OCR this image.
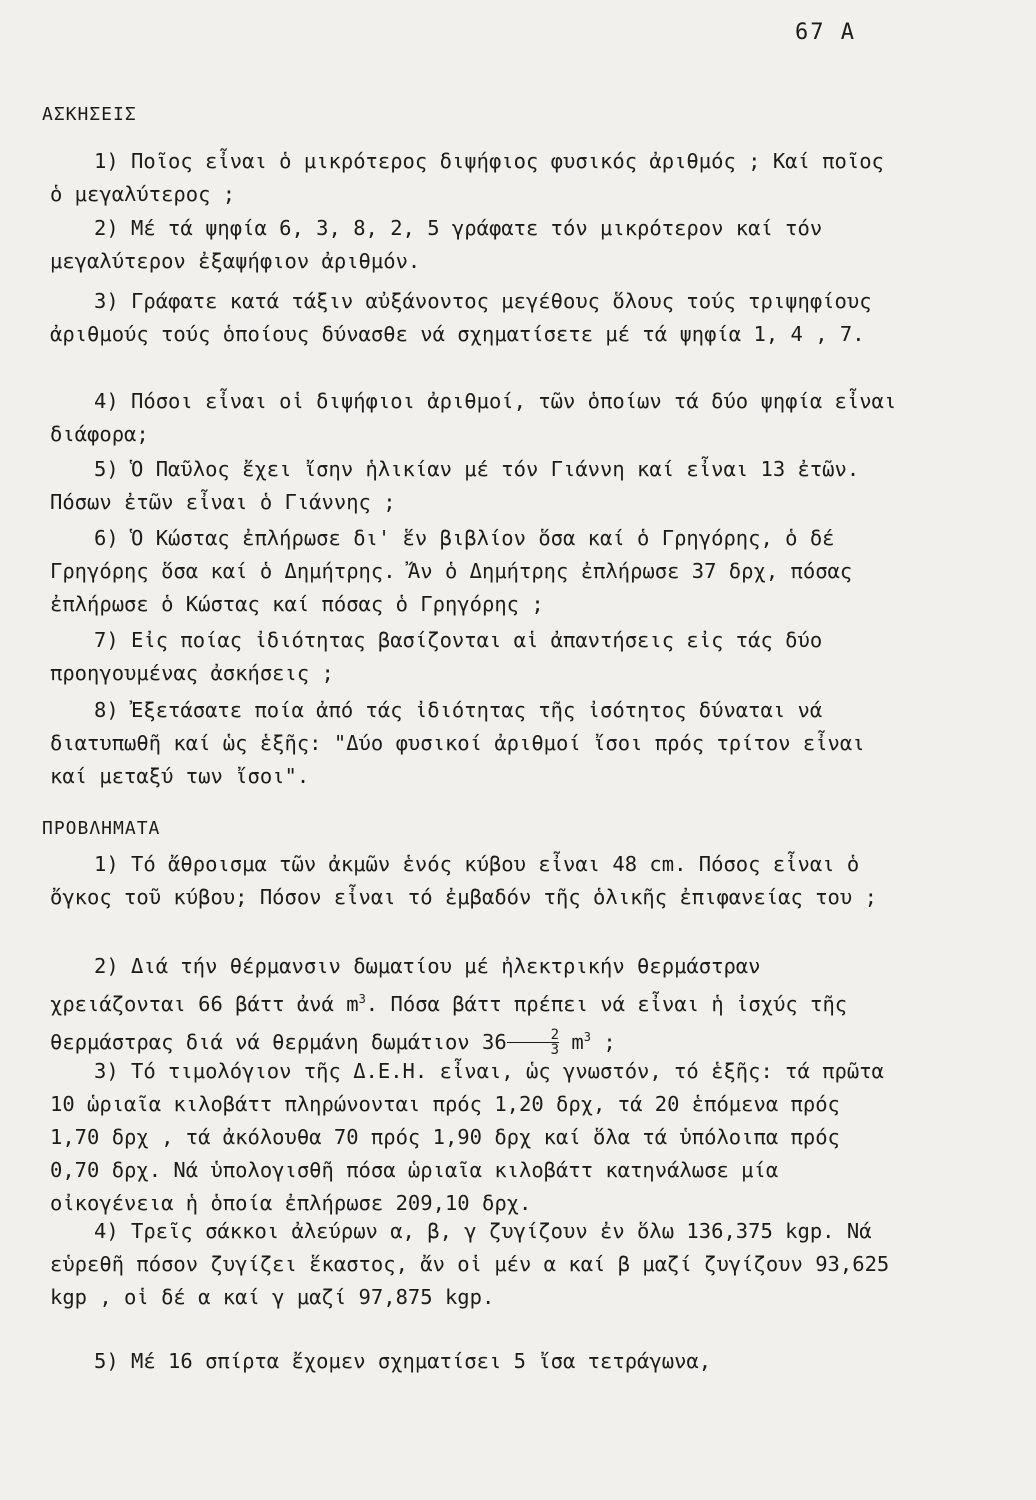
67 A
ΑΣΚΗΣΕΙΣ

1) Ποῖος εἶναι ὁ μικρότερος διψήφιος φυσικός ἀριθμός ; Καί ποῖος ὁ μεγαλύτερος ;

2) Μέ τά ψηφία 6, 3, 8, 2, 5 γράφατε τόν μικρότερον καί τόν μεγαλύτερον ἐξαψήφιον ἀριθμόν.

3) Γράφατε κατά τάξιν αὐξάνοντος μεγέθους ὅλους τούς τριψηφίους ἀριθμούς τούς ὁποίους δύνασθε νά σχηματίσετε μέ τά ψηφία 1, 4 , 7.

4) Πόσοι εἶναι οἱ διψήφιοι ἀριθμοί, τῶν ὁποίων τά δύο ψηφία εἶναι διάφορα;

5) Ὁ Παῦλος ἔχει ἴσην ἡλικίαν μέ τόν Γιάννη καί εἶναι 13 ἐτῶν. Πόσων ἐτῶν εἶναι ὁ Γιάννης ;

6) Ὁ Κώστας ἐπλήρωσε δι' ἕν βιβλίον ὅσα καί ὁ Γρηγόρης, ὁ δέ Γρηγόρης ὅσα καί ὁ Δημήτρης. Ἄν ὁ Δημήτρης ἐπλήρωσε 37 δρχ, πόσας ἐπλήρωσε ὁ Κώστας καί πόσας ὁ Γρηγόρης ;

7) Εἰς ποίας ἰδιότητας βασίζονται αἱ ἀπαντήσεις εἰς τάς δύο προηγουμένας ἀσκήσεις ;

8) Ἐξετάσατε ποία ἀπό τάς ἰδιότητας τῆς ἰσότητος δύναται νά διατυπωθῆ καί ὡς ἑξῆς: "Δύο φυσικοί ἀριθμοί ἴσοι πρός τρίτον εἶναι καί μεταξύ των ἴσοι".

ΠΡΟΒΛΗΜΑΤΑ

1) Τό ἄθροισμα τῶν ἀκμῶν ἑνός κύβου εἶναι 48 cm. Πόσος εἶναι ὁ ὄγκος τοῦ κύβου; Πόσον εἶναι τό ἐμβαδόν τῆς ὁλικῆς ἐπιφανείας του ;

2) Διά τήν θέρμανσιν δωματίου μέ ἠλεκτρικήν θερμάστραν χρειάζονται 66 βάττ ἀνά $m^3$. Πόσα βάττ πρέπει νά εἶναι ἡ ἰσχύς τῆς θερμάστρας διά νά θερμάνη δωμάτιον $36 \frac{2}{3} m^3$ ;

3) Τό τιμολόγιον τῆς Δ.Ε.Η. εἶναι, ὡς γνωστόν, τό ἑξῆς: τά πρῶτα 10 ὡριαῖα κιλοβάττ πληρώνονται πρός 1,20 δρχ, τά 20 ἑπόμενα πρός 1,70 δρχ , τά ἀκόλουθα 70 πρός 1,90 δρχ καί ὅλα τά ὑπόλοιπα πρός 0,70 δρχ. Νά ὑπολογισθῆ πόσα ὡριαῖα κιλοβάττ κατηνάλωσε μία οἰκογένεια ἡ ὁποία ἐπλήρωσε 209,10 δρχ.

4) Τρεῖς σάκκοι ἀλεύρων α, β, γ ζυγίζουν ἐν ὅλω 136,375 kgp. Νά εὑρεθῆ πόσον ζυγίζει ἕκαστος, ἄν οἱ μέν α καί β μαζί ζυγίζουν 93,625 kgp , οἱ δέ α καί γ μαζί 97,875 kgp.

5) Μέ 16 σπίρτα ἔχομεν σχηματίσει 5 ἴσα τετράγωνα,
